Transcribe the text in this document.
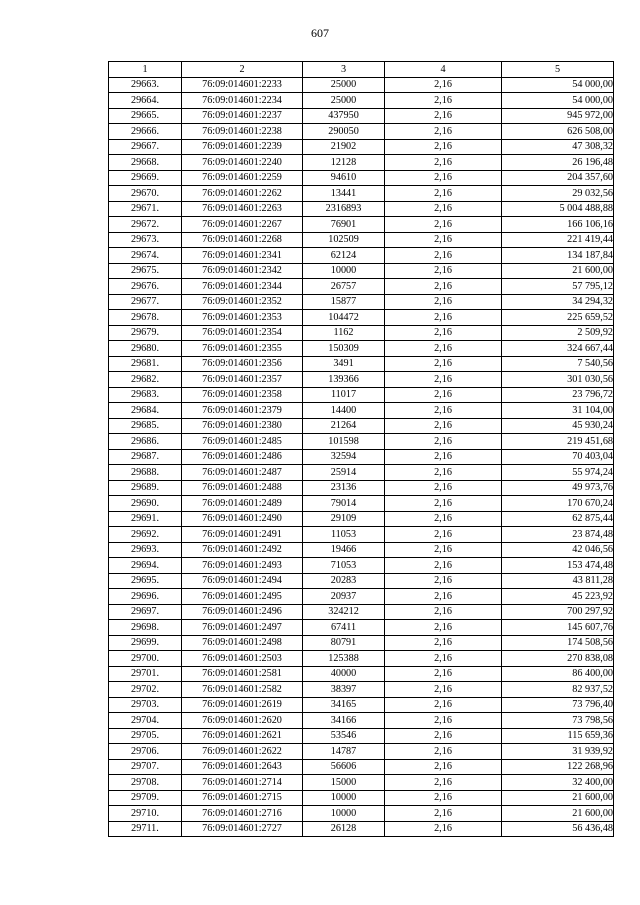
607
1	2	3	4	5
29663.	76:09:014601:2233	25000	2,16	54 000,00
29664.	76:09:014601:2234	25000	2,16	54 000,00
29665.	76:09:014601:2237	437950	2,16	945 972,00
29666.	76:09:014601:2238	290050	2,16	626 508,00
29667.	76:09:014601:2239	21902	2,16	47 308,32
29668.	76:09:014601:2240	12128	2,16	26 196,48
29669.	76:09:014601:2259	94610	2,16	204 357,60
29670.	76:09:014601:2262	13441	2,16	29 032,56
29671.	76:09:014601:2263	2316893	2,16	5 004 488,88
29672.	76:09:014601:2267	76901	2,16	166 106,16
29673.	76:09:014601:2268	102509	2,16	221 419,44
29674.	76:09:014601:2341	62124	2,16	134 187,84
29675.	76:09:014601:2342	10000	2,16	21 600,00
29676.	76:09:014601:2344	26757	2,16	57 795,12
29677.	76:09:014601:2352	15877	2,16	34 294,32
29678.	76:09:014601:2353	104472	2,16	225 659,52
29679.	76:09:014601:2354	1162	2,16	2 509,92
29680.	76:09:014601:2355	150309	2,16	324 667,44
29681.	76:09:014601:2356	3491	2,16	7 540,56
29682.	76:09:014601:2357	139366	2,16	301 030,56
29683.	76:09:014601:2358	11017	2,16	23 796,72
29684.	76:09:014601:2379	14400	2,16	31 104,00
29685.	76:09:014601:2380	21264	2,16	45 930,24
29686.	76:09:014601:2485	101598	2,16	219 451,68
29687.	76:09:014601:2486	32594	2,16	70 403,04
29688.	76:09:014601:2487	25914	2,16	55 974,24
29689.	76:09:014601:2488	23136	2,16	49 973,76
29690.	76:09:014601:2489	79014	2,16	170 670,24
29691.	76:09:014601:2490	29109	2,16	62 875,44
29692.	76:09:014601:2491	11053	2,16	23 874,48
29693.	76:09:014601:2492	19466	2,16	42 046,56
29694.	76:09:014601:2493	71053	2,16	153 474,48
29695.	76:09:014601:2494	20283	2,16	43 811,28
29696.	76:09:014601:2495	20937	2,16	45 223,92
29697.	76:09:014601:2496	324212	2,16	700 297,92
29698.	76:09:014601:2497	67411	2,16	145 607,76
29699.	76:09:014601:2498	80791	2,16	174 508,56
29700.	76:09:014601:2503	125388	2,16	270 838,08
29701.	76:09:014601:2581	40000	2,16	86 400,00
29702.	76:09:014601:2582	38397	2,16	82 937,52
29703.	76:09:014601:2619	34165	2,16	73 796,40
29704.	76:09:014601:2620	34166	2,16	73 798,56
29705.	76:09:014601:2621	53546	2,16	115 659,36
29706.	76:09:014601:2622	14787	2,16	31 939,92
29707.	76:09:014601:2643	56606	2,16	122 268,96
29708.	76:09:014601:2714	15000	2,16	32 400,00
29709.	76:09:014601:2715	10000	2,16	21 600,00
29710.	76:09:014601:2716	10000	2,16	21 600,00
29711.	76:09:014601:2727	26128	2,16	56 436,48
